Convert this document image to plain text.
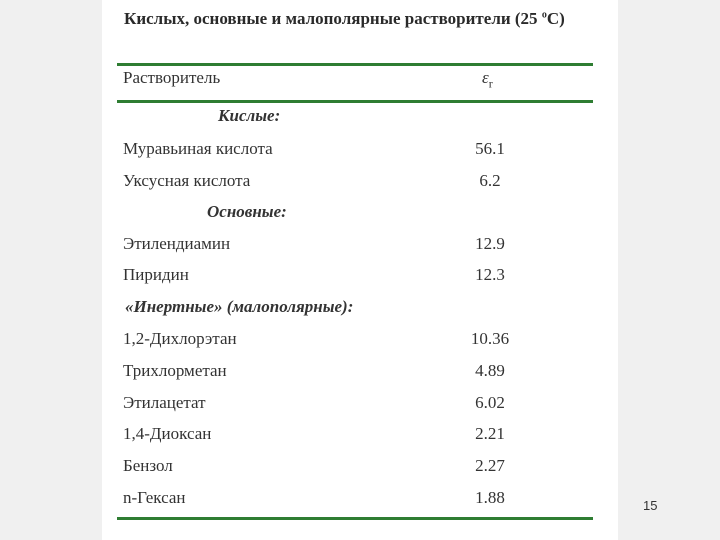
Кислых, основные и малополярные растворители (25 $^o$C)
Растворитель	$\varepsilon_r$
Кислые:
Муравьиная кислота	56.1
Уксусная кислота	6.2
Основные:
Этилендиамин	12.9
Пиридин	12.3
«Инертные» (малополярные):
1,2-Дихлорэтан	10.36
Трихлорметан	4.89
Этилацетат	6.02
1,4-Диоксан	2.21
Бензол	2.27
n-Гексан	1.88	15
